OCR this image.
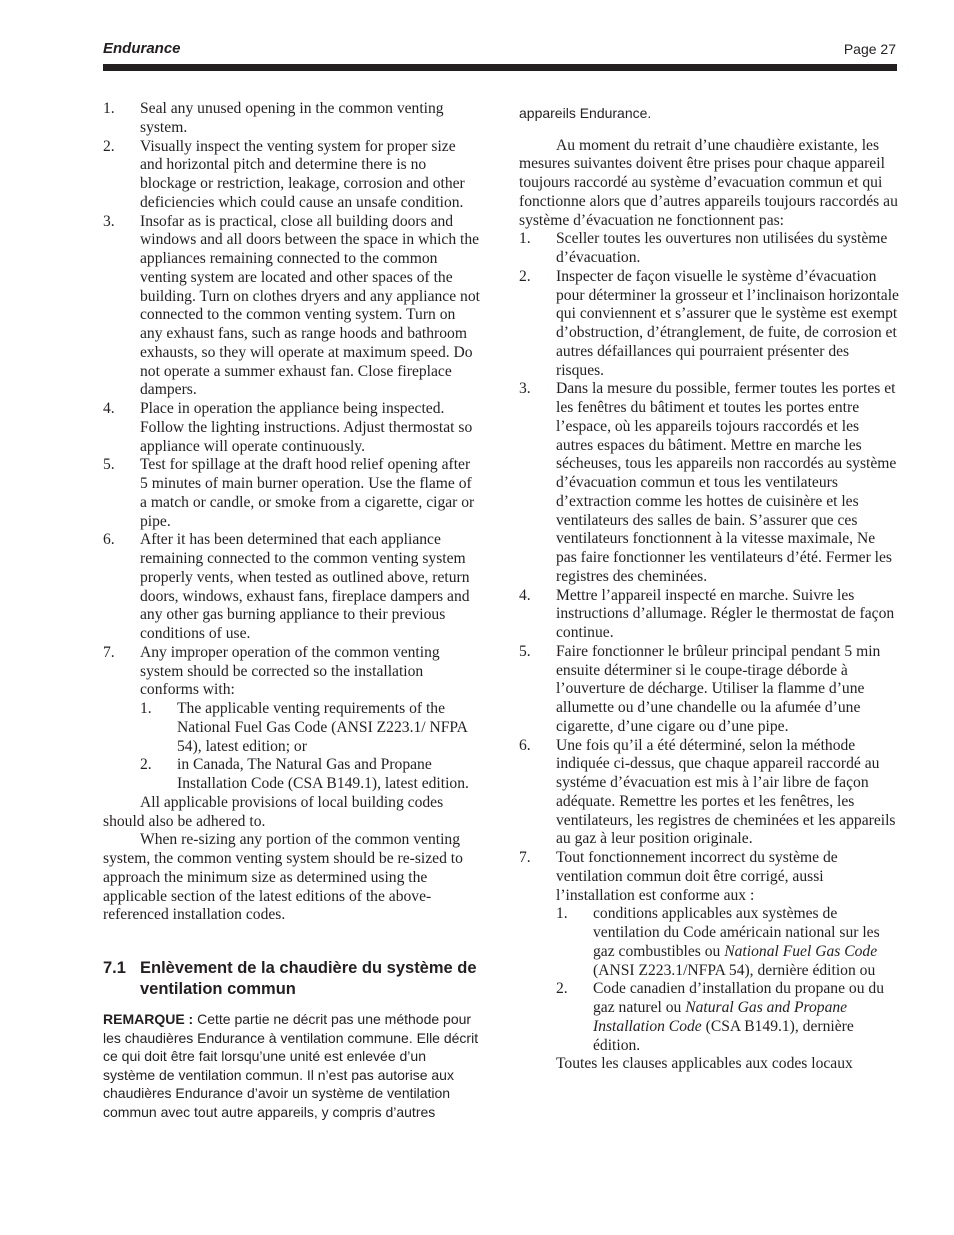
Endurance	Page 27
1. Seal any unused opening in the common venting system.
2. Visually inspect the venting system for proper size and horizontal pitch and determine there is no blockage or restriction, leakage, corrosion and other deficiencies which could cause an unsafe condition.
3. Insofar as is practical, close all building doors and windows and all doors between the space in which the appliances remaining connected to the common venting system are located and other spaces of the building. Turn on clothes dryers and any appliance not connected to the common venting system. Turn on any exhaust fans, such as range hoods and bathroom exhausts, so they will operate at maximum speed. Do not operate a summer exhaust fan. Close fireplace dampers.
4. Place in operation the appliance being inspected. Follow the lighting instructions. Adjust thermostat so appliance will operate continuously.
5. Test for spillage at the draft hood relief opening after 5 minutes of main burner operation. Use the flame of a match or candle, or smoke from a cigarette, cigar or pipe.
6. After it has been determined that each appliance remaining connected to the common venting system properly vents, when tested as outlined above, return doors, windows, exhaust fans, fireplace dampers and any other gas burning appliance to their previous conditions of use.
7. Any improper operation of the common venting system should be corrected so the installation conforms with:
1. The applicable venting requirements of the National Fuel Gas Code (ANSI Z223.1/ NFPA 54), latest edition; or
2. in Canada, The Natural Gas and Propane Installation Code (CSA B149.1), latest edition.

All applicable provisions of local building codes should also be adhered to.

When re-sizing any portion of the common venting system, the common venting system should be re-sized to approach the minimum size as determined using the applicable section of the latest editions of the above-referenced installation codes.

7.1 Enlèvement de la chaudière du système de ventilation commun

REMARQUE : Cette partie ne décrit pas une méthode pour les chaudières Endurance à ventilation commune. Elle décrit ce qui doit être fait lorsqu’une unité est enlevée d’un système de ventilation commun. Il n’est pas autorise aux chaudières Endurance d’avoir un système de ventilation commun avec tout autre appareils, y compris d’autres

appareils Endurance.

Au moment du retrait d’une chaudière existante, les mesures suivantes doivent être prises pour chaque appareil toujours raccordé au système d’evacuation commun et qui fonctionne alors que d’autres appareils toujours raccordés au système d’évacuation ne fonctionnent pas:

1. Sceller toutes les ouvertures non utilisées du système d’évacuation.
2. Inspecter de façon visuelle le système d’évacuation pour déterminer la grosseur et l’inclinaison horizontale qui conviennent et s’assurer que le système est exempt d’obstruction, d’étranglement, de fuite, de corrosion et autres défaillances qui pourraient présenter des risques.
3. Dans la mesure du possible, fermer toutes les portes et les fenêtres du bâtiment et toutes les portes entre l’espace, où les appareils tojours raccordés et les autres espaces du bâtiment. Mettre en marche les sécheuses, tous les appareils non raccordés au système d’évacuation commun et tous les ventilateurs d’extraction comme les hottes de cuisinère et les ventilateurs des salles de bain. S’assurer que ces ventilateurs fonctionnent à la vitesse maximale, Ne pas faire fonctionner les ventilateurs d’été. Fermer les registres des cheminées.
4. Mettre l’appareil inspecté en marche. Suivre les instructions d’allumage. Régler le thermostat de façon continue.
5. Faire fonctionner le brûleur principal pendant 5 min ensuite déterminer si le coupe-tirage déborde à l’ouverture de décharge. Utiliser la flamme d’une allumette ou d’une chandelle ou la afumée d’une cigarette, d’une cigare ou d’une pipe.
6. Une fois qu’il a été déterminé, selon la méthode indiquée ci-dessus, que chaque appareil raccordé au systéme d’évacuation est mis à l’air libre de façon adéquate. Remettre les portes et les fenêtres, les ventilateurs, les registres de cheminées et les appareils au gaz à leur position originale.
7. Tout fonctionnement incorrect du système de ventilation commun doit être corrigé, aussi l’installation est conforme aux :
1. conditions applicables aux systèmes de ventilation du Code américain national sur les gaz combustibles ou National Fuel Gas Code (ANSI Z223.1/NFPA 54), dernière édition ou
2. Code canadien d’installation du propane ou du gaz naturel ou Natural Gas and Propane Installation Code (CSA B149.1), dernière édition.

Toutes les clauses applicables aux codes locaux
